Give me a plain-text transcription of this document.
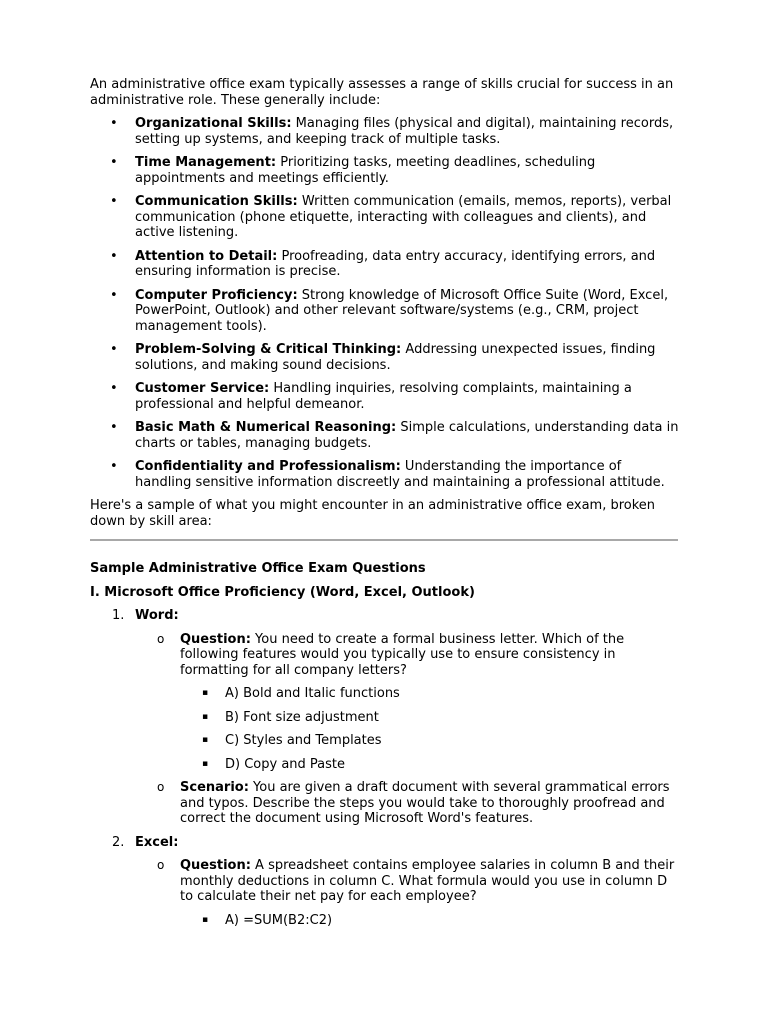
An administrative office exam typically assesses a range of skills crucial for success in an administrative role. These generally include:

• Organizational Skills: Managing files (physical and digital), maintaining records, setting up systems, and keeping track of multiple tasks.
• Time Management: Prioritizing tasks, meeting deadlines, scheduling appointments and meetings efficiently.
• Communication Skills: Written communication (emails, memos, reports), verbal communication (phone etiquette, interacting with colleagues and clients), and active listening.
• Attention to Detail: Proofreading, data entry accuracy, identifying errors, and ensuring information is precise.
• Computer Proficiency: Strong knowledge of Microsoft Office Suite (Word, Excel, PowerPoint, Outlook) and other relevant software/systems (e.g., CRM, project management tools).
• Problem-Solving & Critical Thinking: Addressing unexpected issues, finding solutions, and making sound decisions.
• Customer Service: Handling inquiries, resolving complaints, maintaining a professional and helpful demeanor.
• Basic Math & Numerical Reasoning: Simple calculations, understanding data in charts or tables, managing budgets.
• Confidentiality and Professionalism: Understanding the importance of handling sensitive information discreetly and maintaining a professional attitude.

Here's a sample of what you might encounter in an administrative office exam, broken down by skill area:

Sample Administrative Office Exam Questions

I. Microsoft Office Proficiency (Word, Excel, Outlook)

1. Word:
o Question: You need to create a formal business letter. Which of the following features would you typically use to ensure consistency in formatting for all company letters?
▪ A) Bold and Italic functions
▪ B) Font size adjustment
▪ C) Styles and Templates
▪ D) Copy and Paste
o Scenario: You are given a draft document with several grammatical errors and typos. Describe the steps you would take to thoroughly proofread and correct the document using Microsoft Word's features.
2. Excel:
o Question: A spreadsheet contains employee salaries in column B and their monthly deductions in column C. What formula would you use in column D to calculate their net pay for each employee?
▪ A) =SUM(B2:C2)
